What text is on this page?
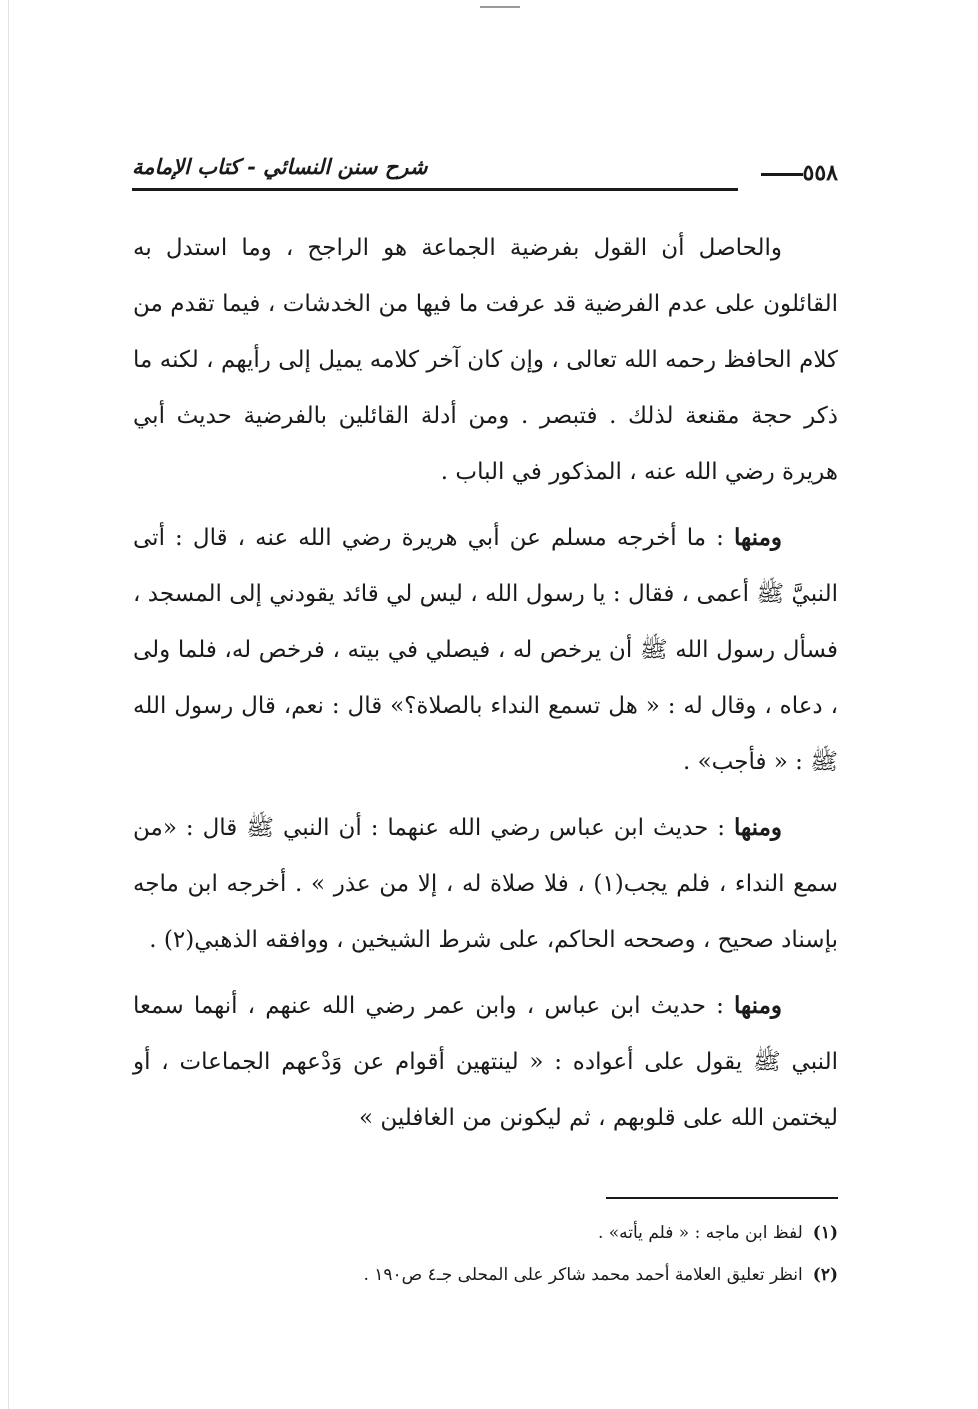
شرح سنن النسائي - كتاب الإمامة	٥٥٨

والحاصل أن القول بفرضية الجماعة هو الراجح ، وما استدل به القائلون على عدم الفرضية قد عرفت ما فيها من الخدشات ، فيما تقدم من كلام الحافظ رحمه الله تعالى ، وإن كان آخر كلامه يميل إلى رأيهم ، لكنه ما ذكر حجة مقنعة لذلك . فتبصر . ومن أدلة القائلين بالفرضية حديث أبي هريرة رضي الله عنه ، المذكور في الباب .

ومنها : ما أخرجه مسلم عن أبي هريرة رضي الله عنه ، قال : أتى النبيَّ ﷺ أعمى ، فقال : يا رسول الله ، ليس لي قائد يقودني إلى المسجد ، فسأل رسول الله ﷺ أن يرخص له ، فيصلي في بيته ، فرخص له، فلما ولى ، دعاه ، وقال له : « هل تسمع النداء بالصلاة؟» قال : نعم، قال رسول الله ﷺ : « فأجب» .

ومنها : حديث ابن عباس رضي الله عنهما : أن النبي ﷺ قال : «من سمع النداء ، فلم يجب(١) ، فلا صلاة له ، إلا من عذر » . أخرجه ابن ماجه بإسناد صحيح ، وصححه الحاكم، على شرط الشيخين ، ووافقه الذهبي(٢) .

ومنها : حديث ابن عباس ، وابن عمر رضي الله عنهم ، أنهما سمعا النبي ﷺ يقول على أعواده : « لينتهين أقوام عن وَدْعهم الجماعات ، أو ليختمن الله على قلوبهم ، ثم ليكونن من الغافلين »

(١)لفظ ابن ماجه : « فلم يأته» .

(٢)انظر تعليق العلامة أحمد محمد شاكر على المحلى جـ٤ ص١٩٠ .
